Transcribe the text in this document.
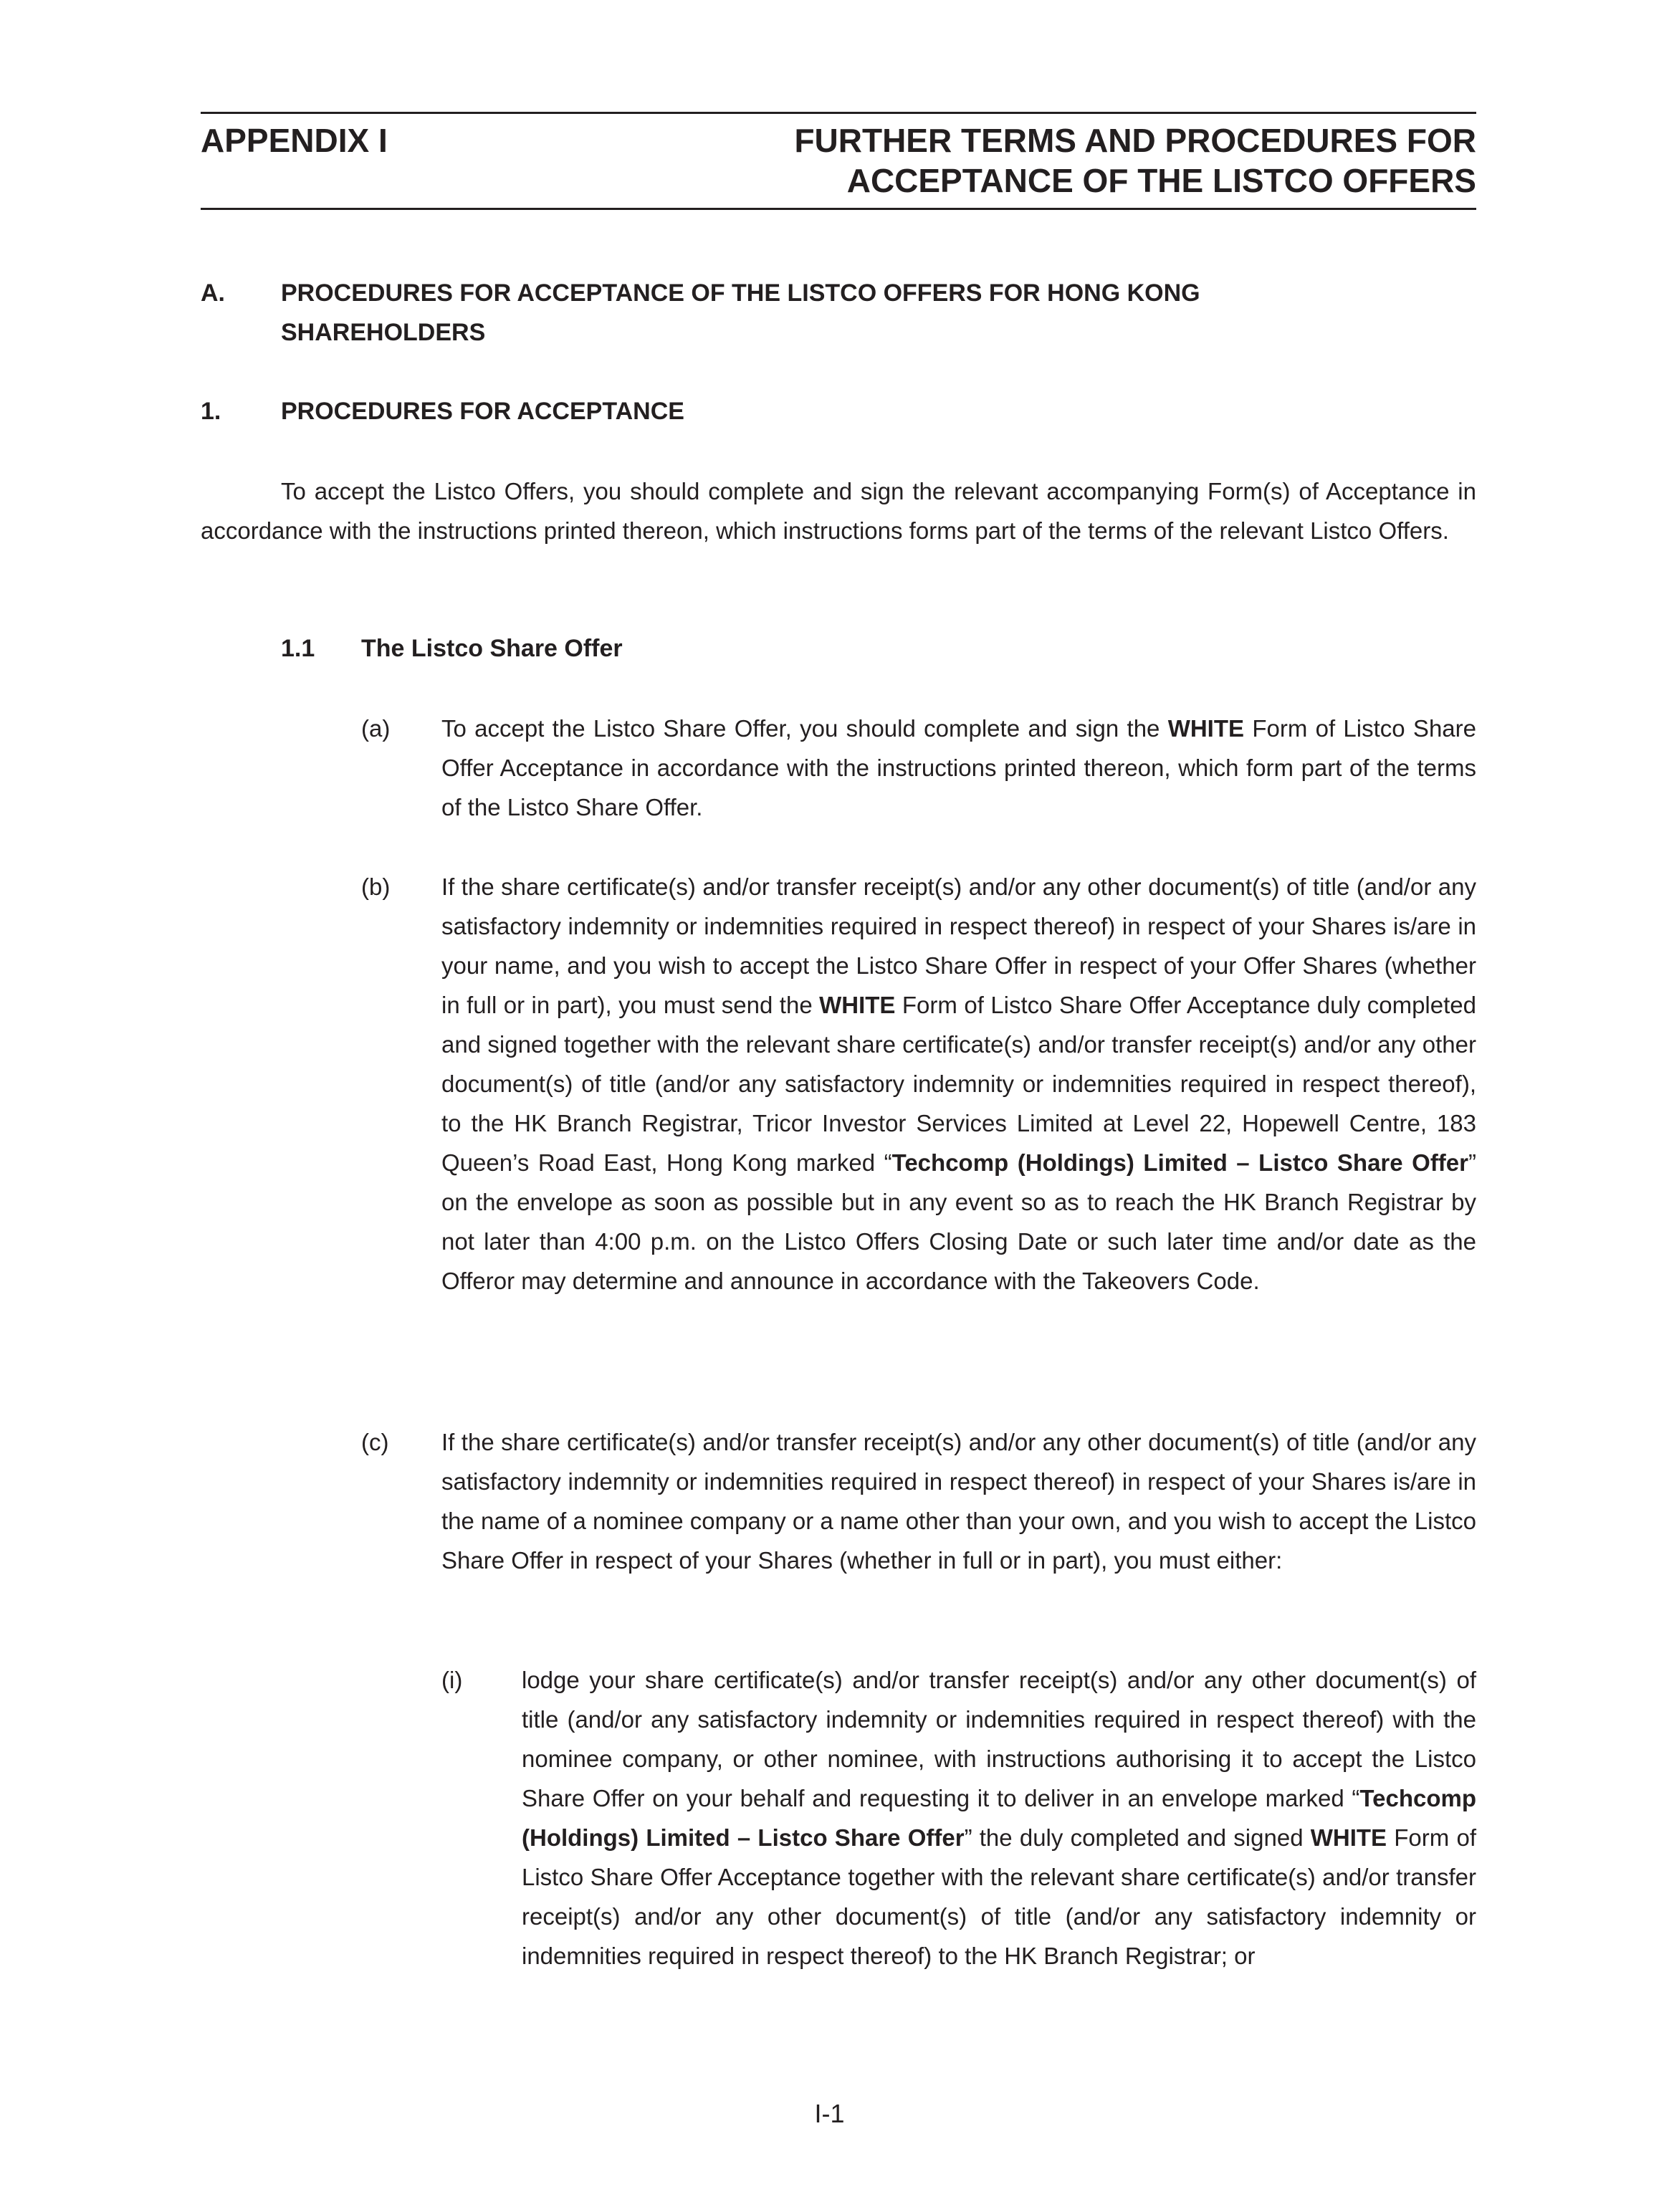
APPENDIX I	FURTHER TERMS AND PROCEDURES FOR
ACCEPTANCE OF THE LISTCO OFFERS
A. PROCEDURES FOR ACCEPTANCE OF THE LISTCO OFFERS FOR HONG KONG SHAREHOLDERS
1. PROCEDURES FOR ACCEPTANCE

To accept the Listco Offers, you should complete and sign the relevant accompanying Form(s) of Acceptance in accordance with the instructions printed thereon, which instructions forms part of the terms of the relevant Listco Offers.

1.1 The Listco Share Offer
(a) To accept the Listco Share Offer, you should complete and sign the WHITE Form of Listco Share Offer Acceptance in accordance with the instructions printed thereon, which form part of the terms of the Listco Share Offer.

(b) If the share certificate(s) and/or transfer receipt(s) and/or any other document(s) of title (and/or any satisfactory indemnity or indemnities required in respect thereof) in respect of your Shares is/are in your name, and you wish to accept the Listco Share Offer in respect of your Offer Shares (whether in full or in part), you must send the WHITE Form of Listco Share Offer Acceptance duly completed and signed together with the relevant share certificate(s) and/or transfer receipt(s) and/or any other document(s) of title (and/or any satisfactory indemnity or indemnities required in respect thereof), to the HK Branch Registrar, Tricor Investor Services Limited at Level 22, Hopewell Centre, 183 Queen’s Road East, Hong Kong marked “Techcomp (Holdings) Limited – Listco Share Offer” on the envelope as soon as possible but in any event so as to reach the HK Branch Registrar by not later than 4:00 p.m. on the Listco Offers Closing Date or such later time and/or date as the Offeror may determine and announce in accordance with the Takeovers Code.

(c) If the share certificate(s) and/or transfer receipt(s) and/or any other document(s) of title (and/or any satisfactory indemnity or indemnities required in respect thereof) in respect of your Shares is/are in the name of a nominee company or a name other than your own, and you wish to accept the Listco Share Offer in respect of your Shares (whether in full or in part), you must either:

(i)	lodge your share certificate(s) and/or transfer receipt(s) and/or any other document(s) of title (and/or any satisfactory indemnity or indemnities required in respect thereof) with the nominee company, or other nominee, with instructions authorising it to accept the Listco Share Offer on your behalf and requesting it to deliver in an envelope marked “Techcomp (Holdings) Limited – Listco Share Offer” the duly completed and signed WHITE Form of Listco Share Offer Acceptance together with the relevant share certificate(s) and/or transfer receipt(s) and/or any other document(s) of title (and/or any satisfactory indemnity or indemnities required in respect thereof) to the HK Branch Registrar; or

I-1
